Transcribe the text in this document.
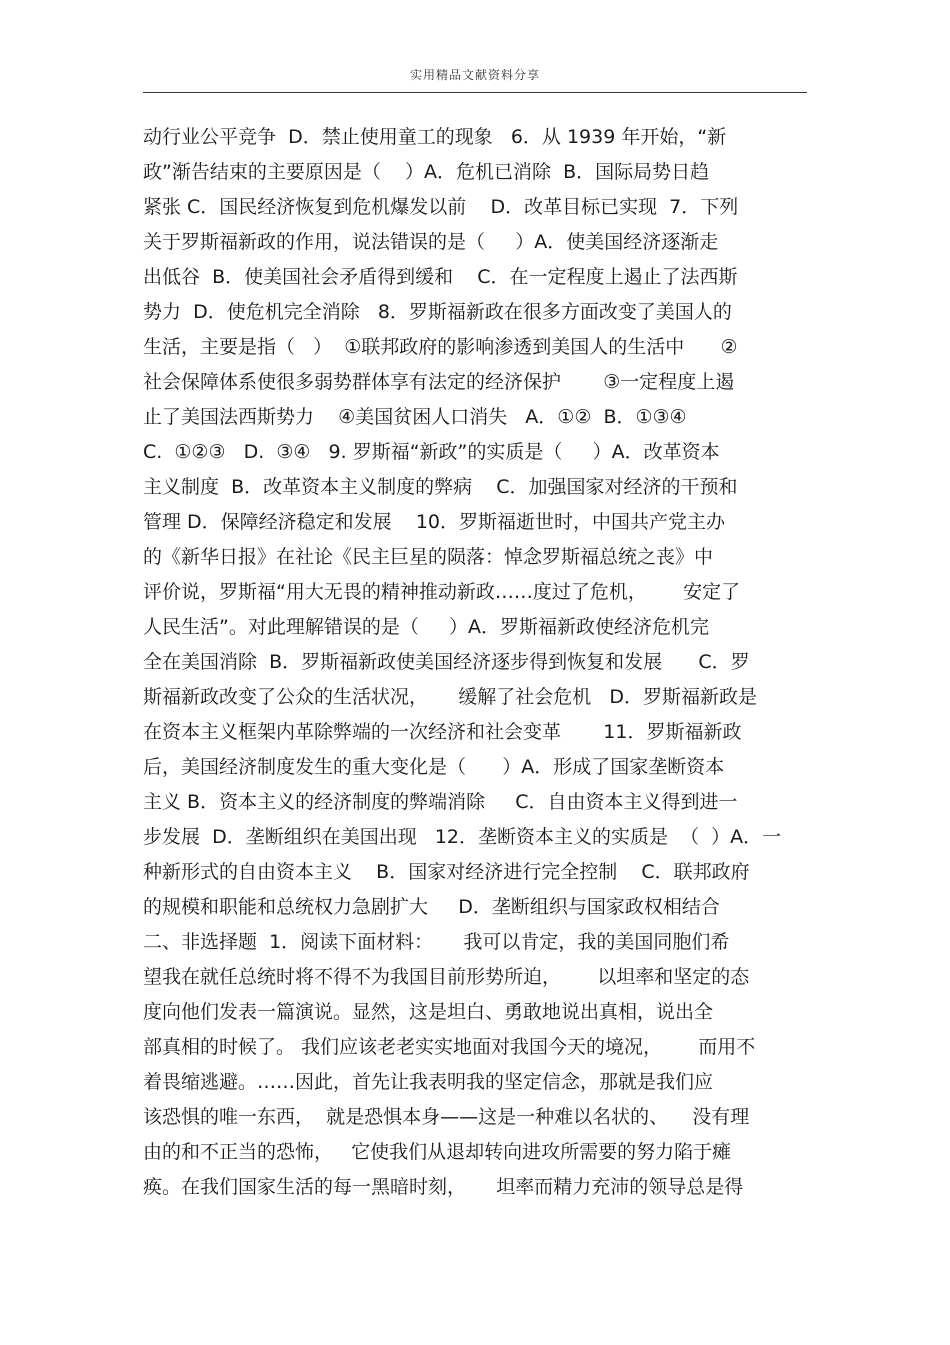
实用精品文献资料分享
动行业公平竞争  D．禁止使用童工的现象   6．从 1939 年开始，“新
政”渐告结束的主要原因是（    ）A．危机已消除  B．国际局势日趋
紧张 C．国民经济恢复到危机爆发以前    D．改革目标已实现  7．下列
关于罗斯福新政的作用，说法错误的是（     ）A．使美国经济逐渐走
出低谷  B．使美国社会矛盾得到缓和    C．在一定程度上遏止了法西斯
势力  D．使危机完全消除   8．罗斯福新政在很多方面改变了美国人的
生活，主要是指（   ）  ①联邦政府的影响渗透到美国人的生活中      ②
社会保障体系使很多弱势群体享有法定的经济保护       ③一定程度上遏
止了美国法西斯势力    ④美国贫困人口消失   A．①②  B．①③④
C.  ①②③   D.  ③④   9. 罗斯福“新政”的实质是（     ）A．改革资本
主义制度  B．改革资本主义制度的弊病    C．加强国家对经济的干预和
管理 D．保障经济稳定和发展    10．罗斯福逝世时，中国共产党主办
的《新华日报》在社论《民主巨星的陨落：悼念罗斯福总统之丧》中
评价说，罗斯福“用大无畏的精神推动新政……度过了危机，      安定了
人民生活”。对此理解错误的是（     ）A．罗斯福新政使经济危机完
全在美国消除  B．罗斯福新政使美国经济逐步得到恢复和发展      C．罗
斯福新政改变了公众的生活状况，     缓解了社会危机   D．罗斯福新政是
在资本主义框架内革除弊端的一次经济和社会变革       11．罗斯福新政
后，美国经济制度发生的重大变化是（      ）A．形成了国家垄断资本
主义 B．资本主义的经济制度的弊端消除     C．自由资本主义得到进一
步发展  D．垄断组织在美国出现   12．垄断资本主义的实质是  （  ）A．一
种新形式的自由资本主义    B．国家对经济进行完全控制    C．联邦政府
的规模和职能和总统权力急剧扩大     D．垄断组织与国家政权相结合
二、非选择题  1．阅读下面材料：     我可以肯定，我的美国同胞们希
望我在就任总统时将不得不为我国目前形势所迫，      以坦率和坚定的态
度向他们发表一篇演说。显然，这是坦白、勇敢地说出真相，说出全
部真相的时候了。 我们应该老老实实地面对我国今天的境况，      而用不
着畏缩逃避。……因此，首先让我表明我的坚定信念，那就是我们应
该恐惧的唯一东西，  就是恐惧本身——这是一种难以名状的、    没有理
由的和不正当的恐怖，   它使我们从退却转向进攻所需要的努力陷于瘫
痪。在我们国家生活的每一黑暗时刻，     坦率而精力充沛的领导总是得
